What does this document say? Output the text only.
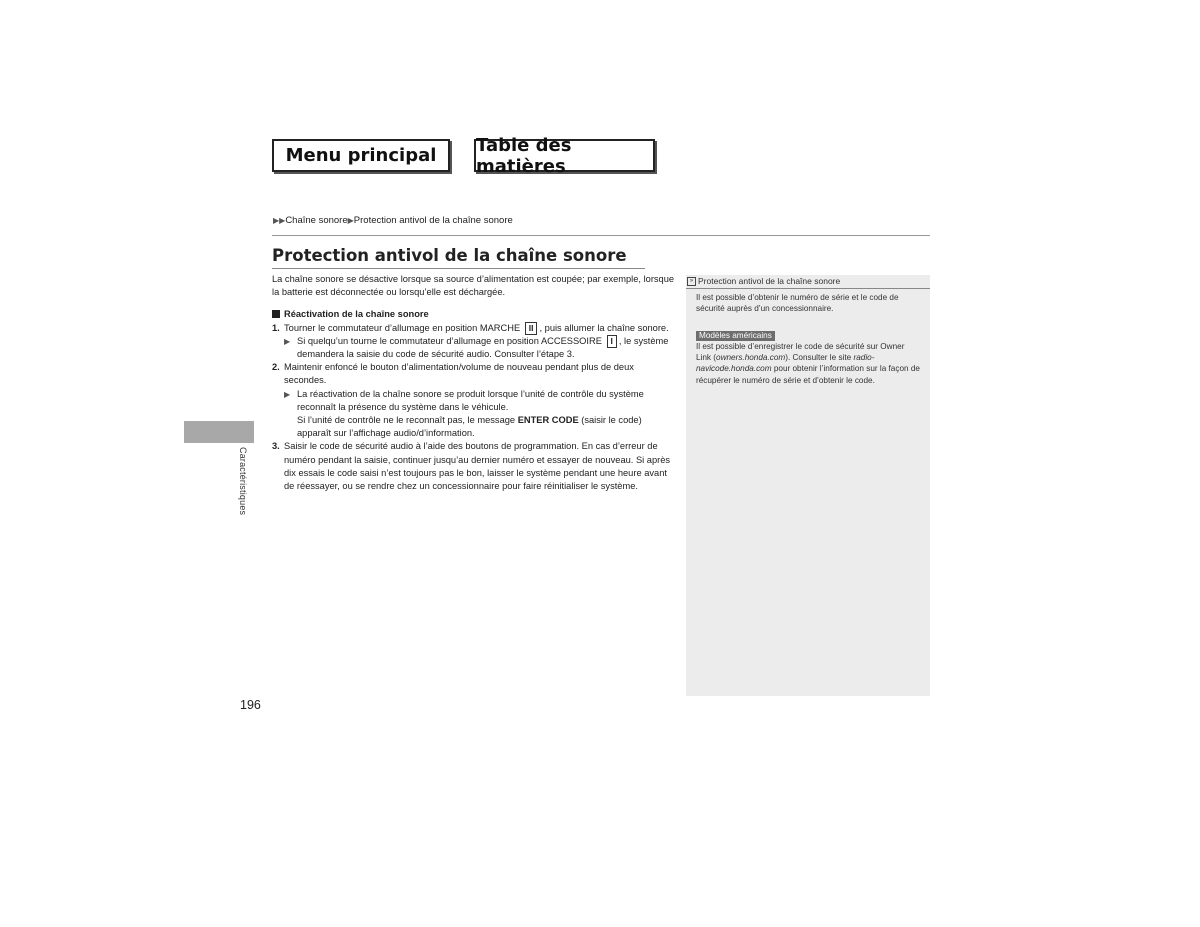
Menu principal	Table des matières
▶▶Chaîne sonore▶Protection antivol de la chaîne sonore
Protection antivol de la chaîne sonore

La chaîne sonore se désactive lorsque sa source d’alimentation est coupée; par exemple, lorsque la batterie est déconnectée ou lorsqu’elle est déchargée.

Réactivation de la chaîne sonore

1. Tourner le commutateur d’allumage en position MARCHE II , puis allumer la chaîne sonore.
▶ Si quelqu’un tourne le commutateur d’allumage en position ACCESSOIRE I , le système demandera la saisie du code de sécurité audio. Consulter l’étape 3.
2. Maintenir enfoncé le bouton d’alimentation/volume de nouveau pendant plus de deux secondes.
▶ La réactivation de la chaîne sonore se produit lorsque l’unité de contrôle du système reconnaît la présence du système dans le véhicule.
Si l’unité de contrôle ne le reconnaît pas, le message ENTER CODE (saisir le code) apparaît sur l’affichage audio/d’information.
3. Saisir le code de sécurité audio à l’aide des boutons de programmation. En cas d’erreur de numéro pendant la saisie, continuer jusqu’au dernier numéro et essayer de nouveau. Si après dix essais le code saisi n’est toujours pas le bon, laisser le système pendant une heure avant de réessayer, ou se rendre chez un concessionnaire pour faire réinitialiser le système.
Caractéristiques
196

» Protection antivol de la chaîne sonore

Il est possible d’obtenir le numéro de série et le code de sécurité auprès d’un concessionnaire.

Modèles américains

Il est possible d’enregistrer le code de sécurité sur Owner Link (owners.honda.com). Consulter le site radio-navicode.honda.com pour obtenir l’information sur la façon de récupérer le numéro de série et d’obtenir le code.
